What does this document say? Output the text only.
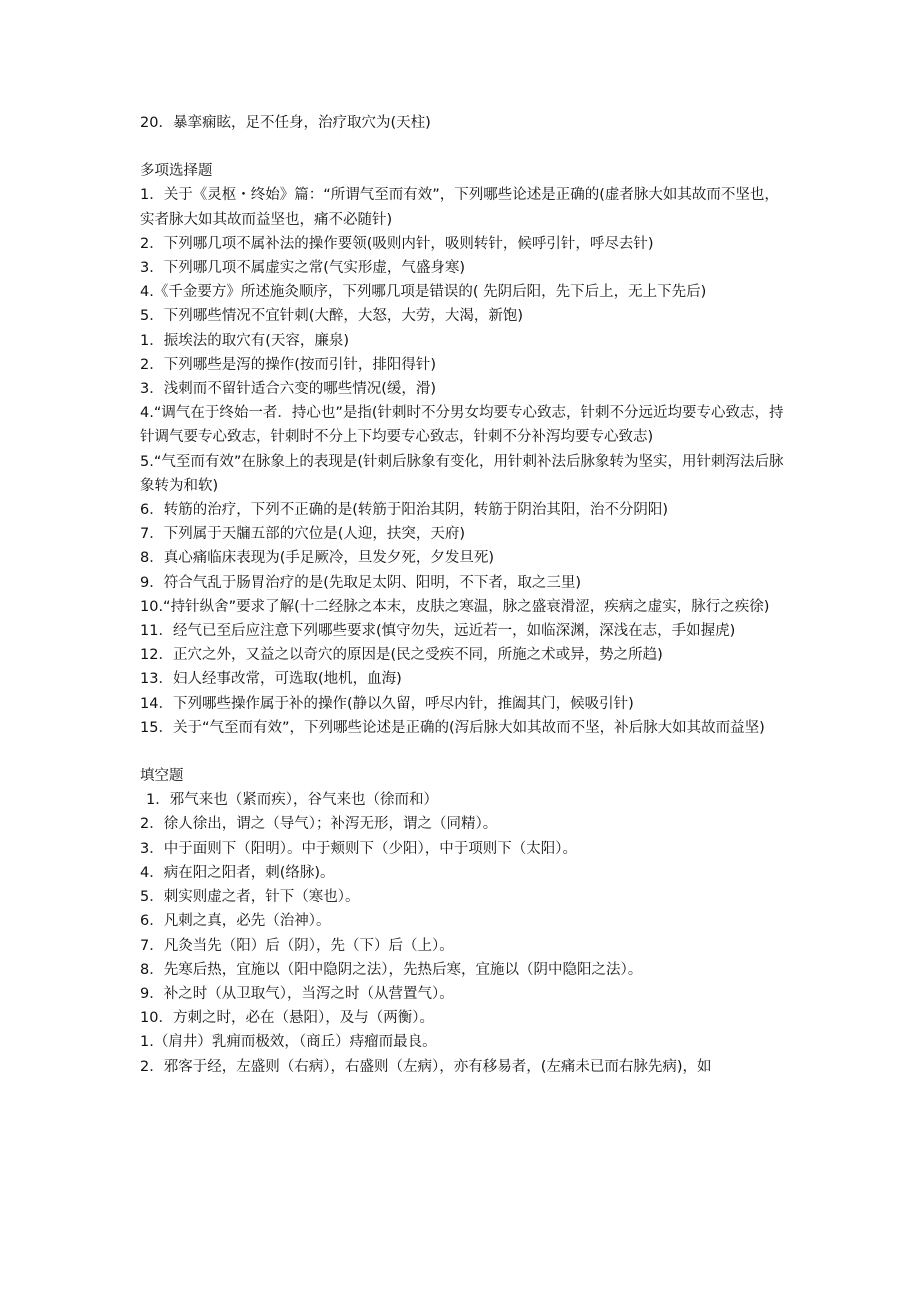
20．暴挛痫眩，足不任身，治疗取穴为(天柱)

多项选择题

1．关于《灵枢・终始》篇：“所谓气至而有效”，下列哪些论述是正确的(虚者脉大如其故而不坚也，实者脉大如其故而益坚也，痛不必随针)

2．下列哪几项不属补法的操作要领(吸则内针，吸则转针，候呼引针，呼尽去针)

3．下列哪几项不属虚实之常(气实形虚，气盛身寒)

4.《千金要方》所述施灸顺序，下列哪几项是错误的( 先阴后阳，先下后上，无上下先后)

5．下列哪些情况不宜针刺(大醉，大怒，大劳，大渴，新饱)

1．振埃法的取穴有(天容，廉泉)

2．下列哪些是泻的操作(按而引针，排阳得针)

3．浅刺而不留针适合六变的哪些情况(缓，滑)

4.“调气在于终始一者．持心也”是指(针刺时不分男女均要专心致志，针刺不分远近均要专心致志，持针调气要专心致志，针刺时不分上下均要专心致志，针刺不分补泻均要专心致志)

5.“气至而有效”在脉象上的表现是(针刺后脉象有变化，用针刺补法后脉象转为坚实，用针刺泻法后脉象转为和软)

6．转筋的治疗，下列不正确的是(转筋于阳治其阴，转筋于阴治其阳，治不分阴阳)

7．下列属于天牖五部的穴位是(人迎，扶突，天府)

8．真心痛临床表现为(手足厥冷，旦发夕死，夕发旦死)

9．符合气乱于肠胃治疗的是(先取足太阴、阳明，不下者，取之三里)

10.“持针纵舍”要求了解(十二经脉之本末，皮肤之寒温，脉之盛衰滑涩，疾病之虚实，脉行之疾徐)

11．经气已至后应注意下列哪些要求(慎守勿失，远近若一，如临深渊，深浅在志，手如握虎)

12．正穴之外，又益之以奇穴的原因是(民之受疾不同，所施之术或异，势之所趋)

13．妇人经事改常，可选取(地机，血海)

14．下列哪些操作属于补的操作(静以久留，呼尽内针，推阖其门，候吸引针)

15．关于“气至而有效”，下列哪些论述是正确的(泻后脉大如其故而不坚，补后脉大如其故而益坚)

填空题

1．邪气来也（紧而疾），谷气来也（徐而和）

2．徐人徐出，谓之（导气）；补泻无形，谓之（同精）。

3．中于面则下（阳明）。中于颊则下（少阳），中于项则下（太阳）。

4．病在阳之阳者，刺(络脉)。

5．刺实则虚之者，针下（寒也）。

6．凡刺之真，必先（治神）。

7．凡灸当先（阳）后（阴），先（下）后（上）。

8．先寒后热，宜施以（阳中隐阴之法），先热后寒，宜施以（阴中隐阳之法）。

9．补之时（从卫取气），当泻之时（从营置气）。

10．方刺之时，必在（悬阳），及与（两衡）。

1.（肩井）乳痈而极效，（商丘）痔瘤而最良。

2．邪客于经，左盛则（右病），右盛则（左病），亦有移易者，(左痛未已而右脉先病)，如
